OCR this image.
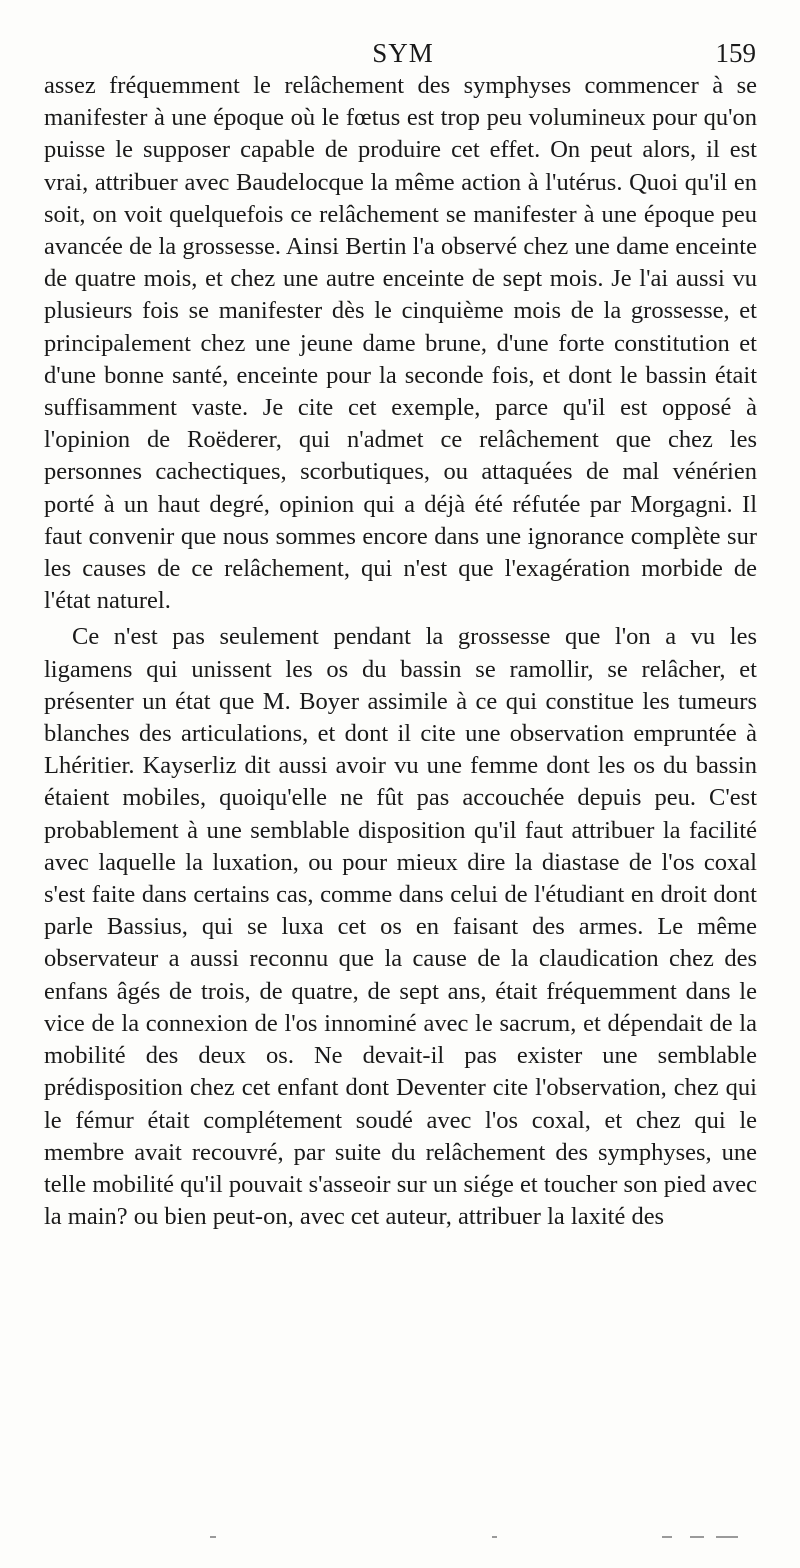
SYM	159

assez fréquemment le relâchement des symphyses commencer à se manifester à une époque où le fœtus est trop peu volumineux pour qu'on puisse le supposer capable de produire cet effet. On peut alors, il est vrai, attribuer avec Baudelocque la même action à l'utérus. Quoi qu'il en soit, on voit quelquefois ce relâchement se manifester à une époque peu avancée de la grossesse. Ainsi Bertin l'a observé chez une dame enceinte de quatre mois, et chez une autre enceinte de sept mois. Je l'ai aussi vu plusieurs fois se manifester dès le cinquième mois de la grossesse, et principalement chez une jeune dame brune, d'une forte constitution et d'une bonne santé, enceinte pour la seconde fois, et dont le bassin était suffisamment vaste. Je cite cet exemple, parce qu'il est opposé à l'opinion de Roëderer, qui n'admet ce relâchement que chez les personnes cachectiques, scorbutiques, ou attaquées de mal vénérien porté à un haut degré, opinion qui a déjà été réfutée par Morgagni. Il faut convenir que nous sommes encore dans une ignorance complète sur les causes de ce relâchement, qui n'est que l'exagération morbide de l'état naturel.

Ce n'est pas seulement pendant la grossesse que l'on a vu les ligamens qui unissent les os du bassin se ramollir, se relâcher, et présenter un état que M. Boyer assimile à ce qui constitue les tumeurs blanches des articulations, et dont il cite une observation empruntée à Lhéritier. Kayserliz dit aussi avoir vu une femme dont les os du bassin étaient mobiles, quoiqu'elle ne fût pas accouchée depuis peu. C'est probablement à une semblable disposition qu'il faut attribuer la facilité avec laquelle la luxation, ou pour mieux dire la diastase de l'os coxal s'est faite dans certains cas, comme dans celui de l'étudiant en droit dont parle Bassius, qui se luxa cet os en faisant des armes. Le même observateur a aussi reconnu que la cause de la claudication chez des enfans âgés de trois, de quatre, de sept ans, était fréquemment dans le vice de la connexion de l'os innominé avec le sacrum, et dépendait de la mobilité des deux os. Ne devait-il pas exister une semblable prédisposition chez cet enfant dont Deventer cite l'observation, chez qui le fémur était complétement soudé avec l'os coxal, et chez qui le membre avait recouvré, par suite du relâchement des symphyses, une telle mobilité qu'il pouvait s'asseoir sur un siége et toucher son pied avec la main? ou bien peut-on, avec cet auteur, attribuer la laxité des
